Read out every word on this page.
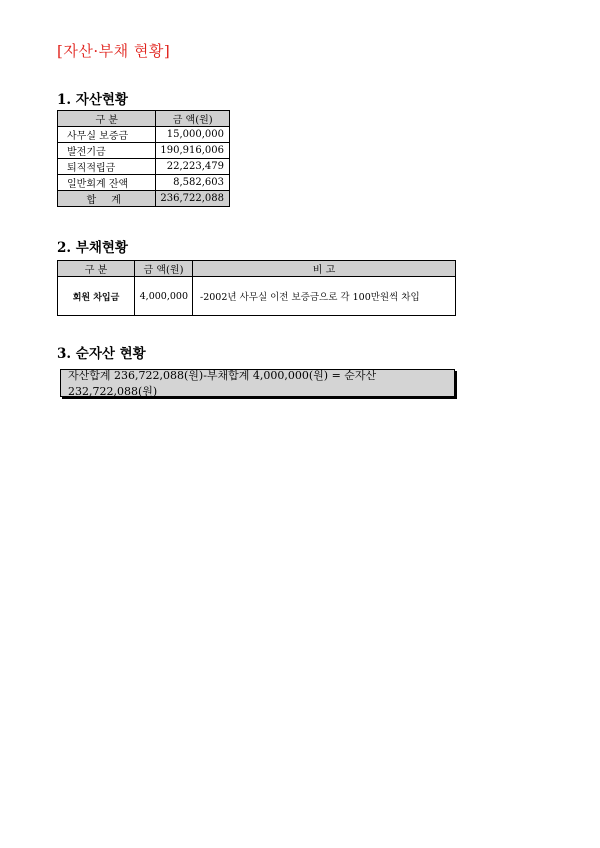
[자산·부채 현황]
1. 자산현황
구 분	금 액(원)
사무실 보증금	15,000,000
발전기금	190,916,006
퇴직적립금	22,223,479
일반회계 잔액	8,582,603
합 계	236,722,088
2. 부채현황
구 분	금 액(원)	비 고
회원 차입금	4,000,000	-2002년 사무실 이전 보증금으로 각 100만원씩 차입
3. 순자산 현황
자산합계 236,722,088(원)-부채합계 4,000,000(원) = 순자산 232,722,088(원)
